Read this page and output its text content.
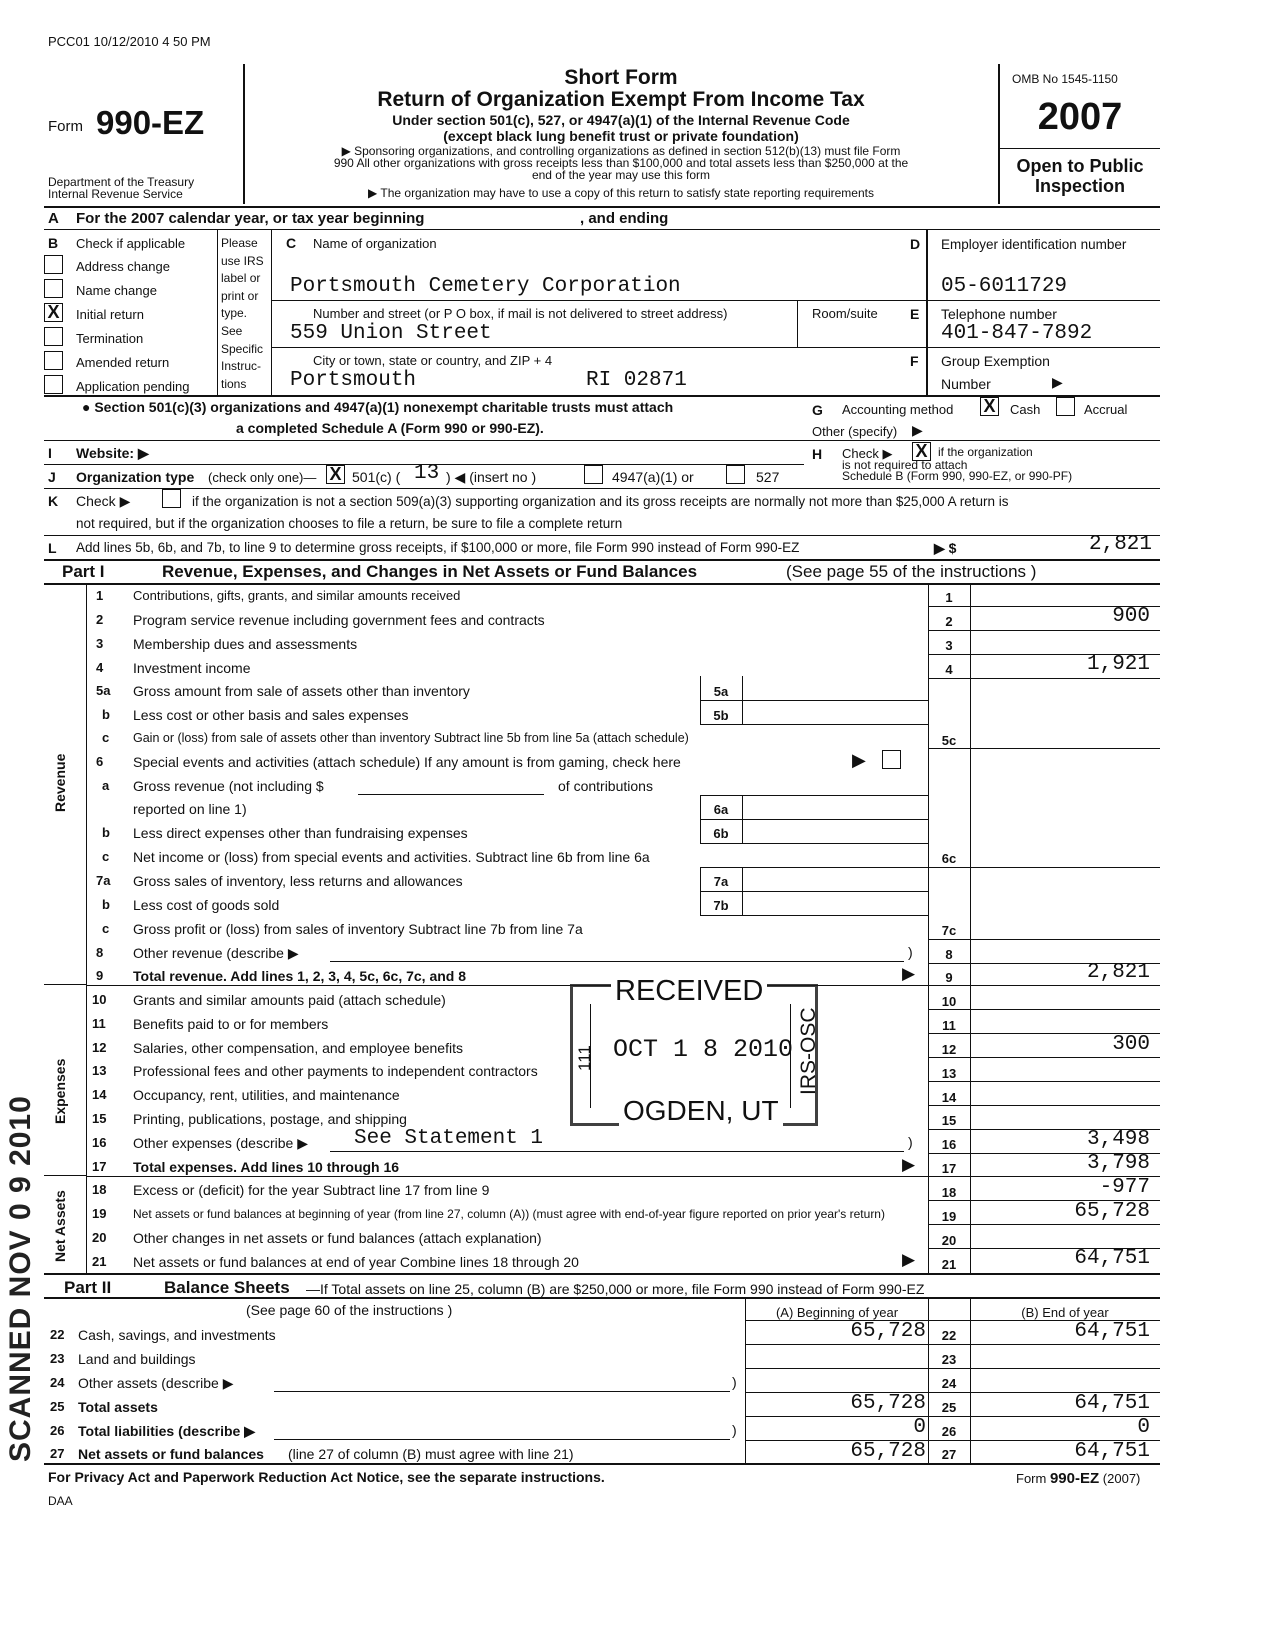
PCC01 10/12/2010 4 50 PM
Form 990-EZ
Department of the Treasury
Internal Revenue Service
Short Form
Return of Organization Exempt From Income Tax
Under section 501(c), 527, or 4947(a)(1) of the Internal Revenue Code
(except black lung benefit trust or private foundation)
▶ Sponsoring organizations, and controlling organizations as defined in section 512(b)(13) must file Form
990 All other organizations with gross receipts less than $100,000 and total assets less than $250,000 at the
end of the year may use this form
▶ The organization may have to use a copy of this return to satisfy state reporting requirements
OMB No 1545-1150
2007
Open to Public
Inspection
A For the 2007 calendar year, or tax year beginning	, and ending
B Check if applicable
Address change
Name change
X Initial return
Termination
Amended return
Application pending
Please
use IRS
label or
print or
type.
See
Specific
Instruc-
tions
C Name of organization
Portsmouth Cemetery Corporation
Number and street (or P O box, if mail is not delivered to street address)	Room/suite
559 Union Street
City or town, state or country, and ZIP + 4
Portsmouth	RI 02871
D Employer identification number
05-6011729
E Telephone number
401-847-7892
F Group Exemption
Number	▶
● Section 501(c)(3) organizations and 4947(a)(1) nonexempt charitable trusts must attach
a completed Schedule A (Form 990 or 990-EZ).
G Accounting method X Cash	Accrual
Other (specify) ▶
I Website: ▶
J Organization type (check only one)— X 501(c) ( 13 ) ◀ (insert no )	4947(a)(1) or	527
H Check ▶ X if the organization
is not required to attach
Schedule B (Form 990, 990-EZ, or 990-PF)
K Check ▶	if the organization is not a section 509(a)(3) supporting organization and its gross receipts are normally not more than $25,000 A return is
not required, but if the organization chooses to file a return, be sure to file a complete return
L Add lines 5b, 6b, and 7b, to line 9 to determine gross receipts, if $100,000 or more, file Form 990 instead of Form 990-EZ	▶ $	2,821
Part I	Revenue, Expenses, and Changes in Net Assets or Fund Balances	(See page 55 of the instructions )
Revenue
Expenses
Net Assets
1 Contributions, gifts, grants, and similar amounts received	1
2 Program service revenue including government fees and contracts	2	900
3 Membership dues and assessments	3
4 Investment income	4	1,921
5a Gross amount from sale of assets other than inventory	5a
b Less cost or other basis and sales expenses	5b
c Gain or (loss) from sale of assets other than inventory Subtract line 5b from line 5a (attach schedule)	5c
6 Special events and activities (attach schedule) If any amount is from gaming, check here	▶
a Gross revenue (not including $	of contributions
reported on line 1)	6a
b Less direct expenses other than fundraising expenses	6b
c Net income or (loss) from special events and activities. Subtract line 6b from line 6a	6c
7a Gross sales of inventory, less returns and allowances	7a
b Less cost of goods sold	7b
c Gross profit or (loss) from sales of inventory Subtract line 7b from line 7a	7c
8 Other revenue (describe ▶	)	8
9 Total revenue. Add lines 1, 2, 3, 4, 5c, 6c, 7c, and 8	▶	9	2,821
10 Grants and similar amounts paid (attach schedule)	10
11 Benefits paid to or for members	11
12 Salaries, other compensation, and employee benefits	12	300
13 Professional fees and other payments to independent contractors	13
14 Occupancy, rent, utilities, and maintenance	14
15 Printing, publications, postage, and shipping	15
16 Other expenses (describe ▶ See Statement 1	)	16	3,498
17 Total expenses. Add lines 10 through 16	▶	17	3,798
18 Excess or (deficit) for the year Subtract line 17 from line 9	18	-977
19 Net assets or fund balances at beginning of year (from line 27, column (A)) (must agree with end-of-year figure reported on prior year's return)	19	65,728
20 Other changes in net assets or fund balances (attach explanation)	20
21 Net assets or fund balances at end of year Combine lines 18 through 20	▶	21	64,751
Part II	Balance Sheets —If Total assets on line 25, column (B) are $250,000 or more, file Form 990 instead of Form 990-EZ
(See page 60 of the instructions )	(A) Beginning of year	(B) End of year
22 Cash, savings, and investments	65,728	22	64,751
23 Land and buildings	23
24 Other assets (describe ▶	)	24
25 Total assets	65,728	25	64,751
26 Total liabilities (describe ▶	)	0	26	0
27 Net assets or fund balances (line 27 of column (B) must agree with line 21)	65,728	27	64,751
For Privacy Act and Paperwork Reduction Act Notice, see the separate instructions.	Form 990-EZ (2007)
DAA
RECEIVED
OCT 1 8 2010
OGDEN, UT
IRS-OSC
111
SCANNED NOV 0 9 2010
